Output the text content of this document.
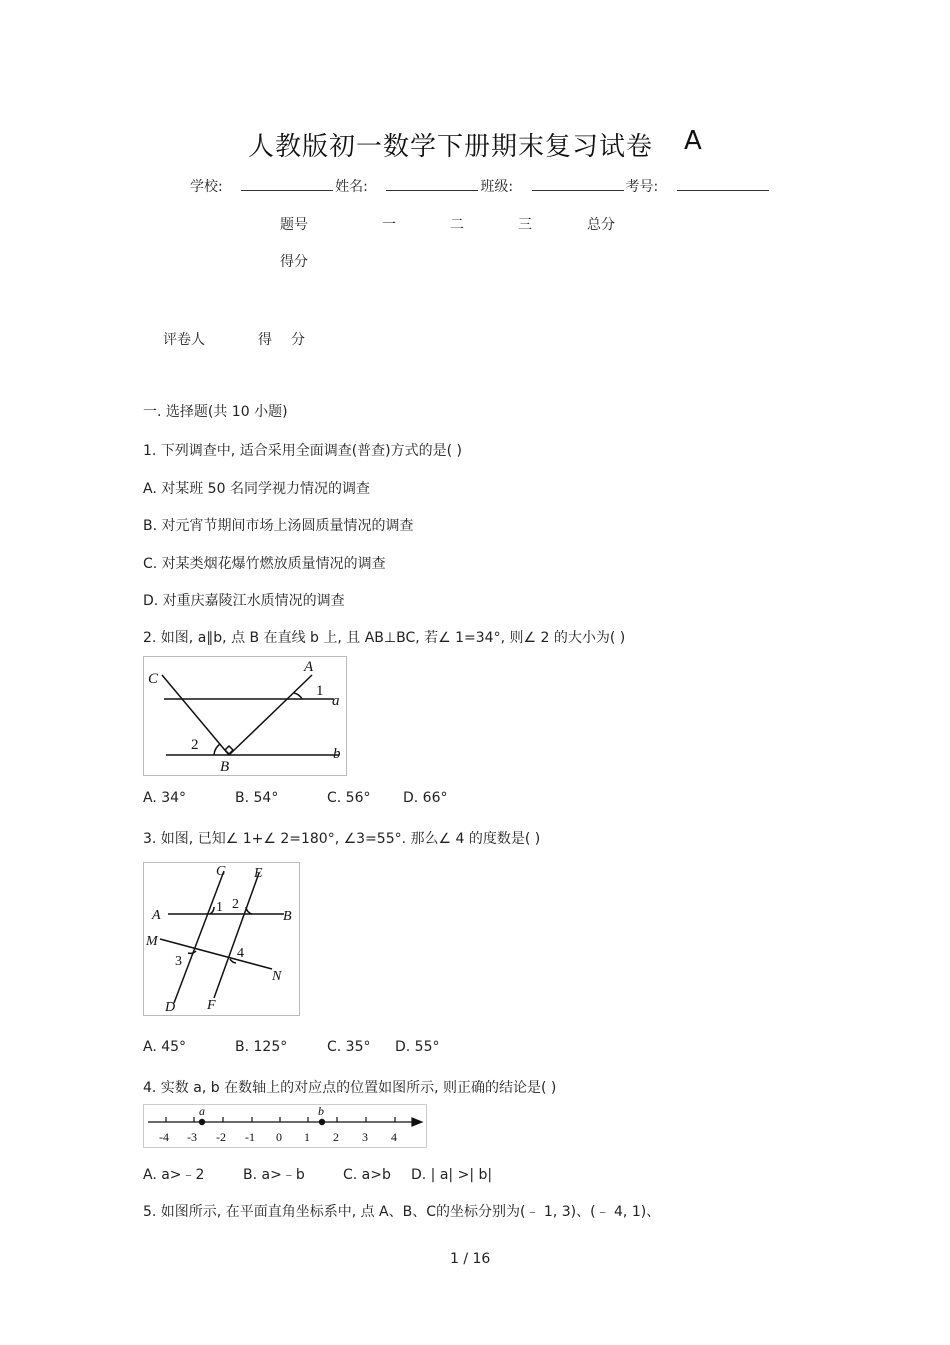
人教版初一数学下册期末复习试卷 A
学校:	姓名:	班级:	考号:
题号	一	二	三	总分
得分
评卷人	得 分
一. 选择题(共 10 小题)
1. 下列调查中, 适合采用全面调查(普查)方式的是( )
A. 对某班 50 名同学视力情况的调查
B. 对元宵节期间市场上汤圆质量情况的调查
C. 对某类烟花爆竹燃放质量情况的调查
D. 对重庆嘉陵江水质情况的调查
2. 如图, a∥b, 点 B 在直线 b 上, 且 AB⊥BC, 若∠ 1=34°, 则∠ 2 的大小为( )
C
A
1
a
2
B
b
A. 34°	B. 54°	C. 56° D. 66°
3. 如图, 已知∠ 1+∠ 2=180°, ∠3=55°. 那么∠ 4 的度数是( )
C E
1 2
A	B
M
3
4
N
D F
A. 45°	B. 125°	C. 35° D. 55°
4. 实数 a, b 在数轴上的对应点的位置如图所示, 则正确的结论是( )
a	b
-4 -3 -2 -1 0 1 2 3 4
A. a>﹣2	B. a>﹣b	C. a>b D. | a| >| b|
5. 如图所示, 在平面直角坐标系中, 点 A、B、C的坐标分别为(﹣ 1, 3)、(﹣ 4, 1)、
1 / 16
